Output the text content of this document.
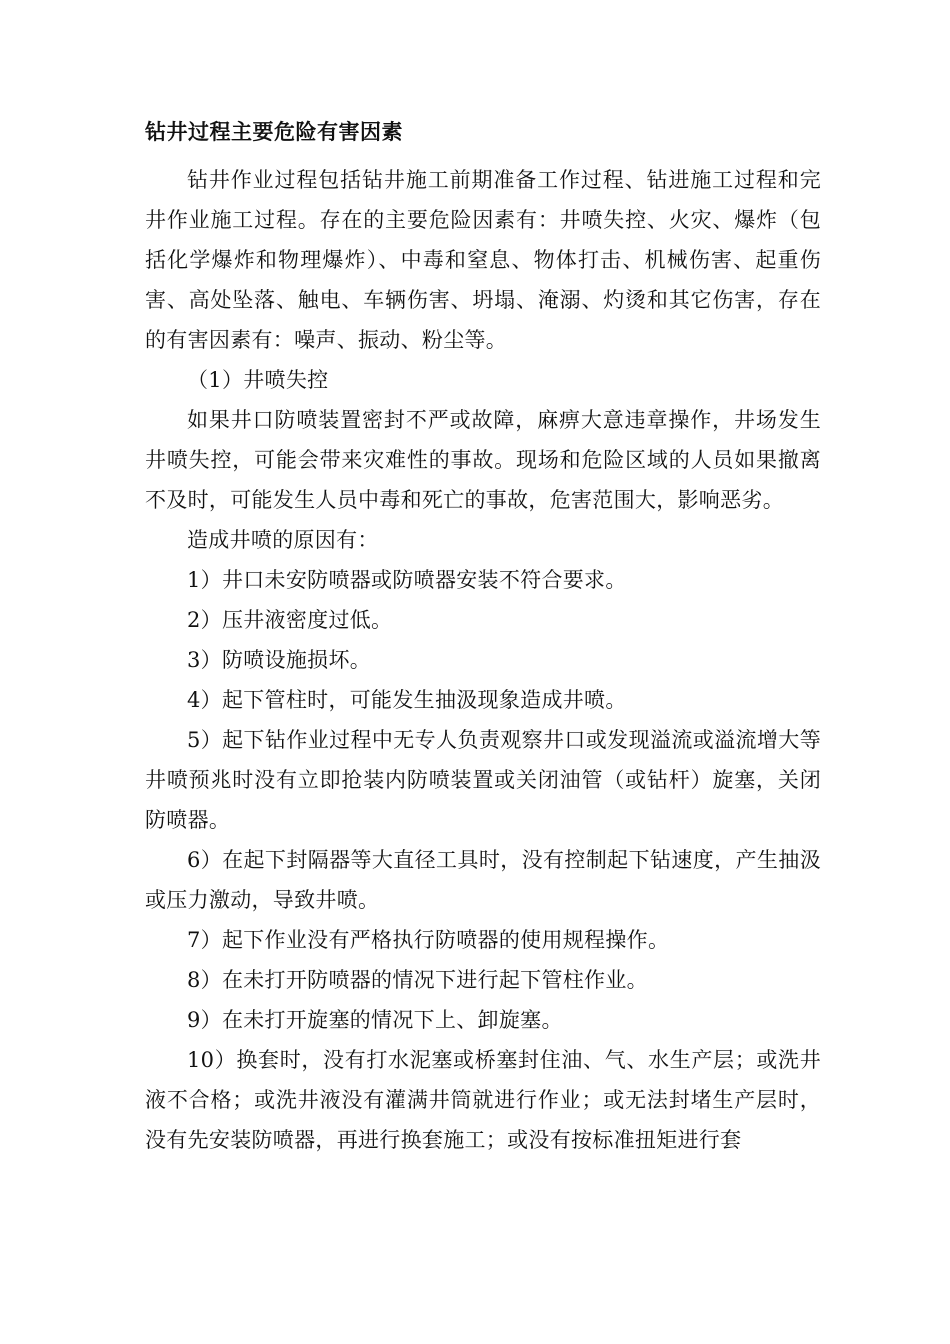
钻井过程主要危险有害因素

钻井作业过程包括钻井施工前期准备工作过程、钻进施工过程和完井作业施工过程。存在的主要危险因素有：井喷失控、火灾、爆炸（包括化学爆炸和物理爆炸）、中毒和窒息、物体打击、机械伤害、起重伤害、高处坠落、触电、车辆伤害、坍塌、淹溺、灼烫和其它伤害，存在的有害因素有：噪声、振动、粉尘等。

（1）井喷失控

如果井口防喷装置密封不严或故障，麻痹大意违章操作，井场发生井喷失控，可能会带来灾难性的事故。现场和危险区域的人员如果撤离不及时，可能发生人员中毒和死亡的事故，危害范围大，影响恶劣。

造成井喷的原因有：

1）井口未安防喷器或防喷器安装不符合要求。

2）压井液密度过低。

3）防喷设施损坏。

4）起下管柱时，可能发生抽汲现象造成井喷。

5）起下钻作业过程中无专人负责观察井口或发现溢流或溢流增大等井喷预兆时没有立即抢装内防喷装置或关闭油管（或钻杆）旋塞，关闭防喷器。

6）在起下封隔器等大直径工具时，没有控制起下钻速度，产生抽汲或压力激动，导致井喷。

7）起下作业没有严格执行防喷器的使用规程操作。

8）在未打开防喷器的情况下进行起下管柱作业。

9）在未打开旋塞的情况下上、卸旋塞。

10）换套时，没有打水泥塞或桥塞封住油、气、水生产层；或洗井液不合格；或洗井液没有灌满井筒就进行作业；或无法封堵生产层时，没有先安装防喷器，再进行换套施工；或没有按标准扭矩进行套
